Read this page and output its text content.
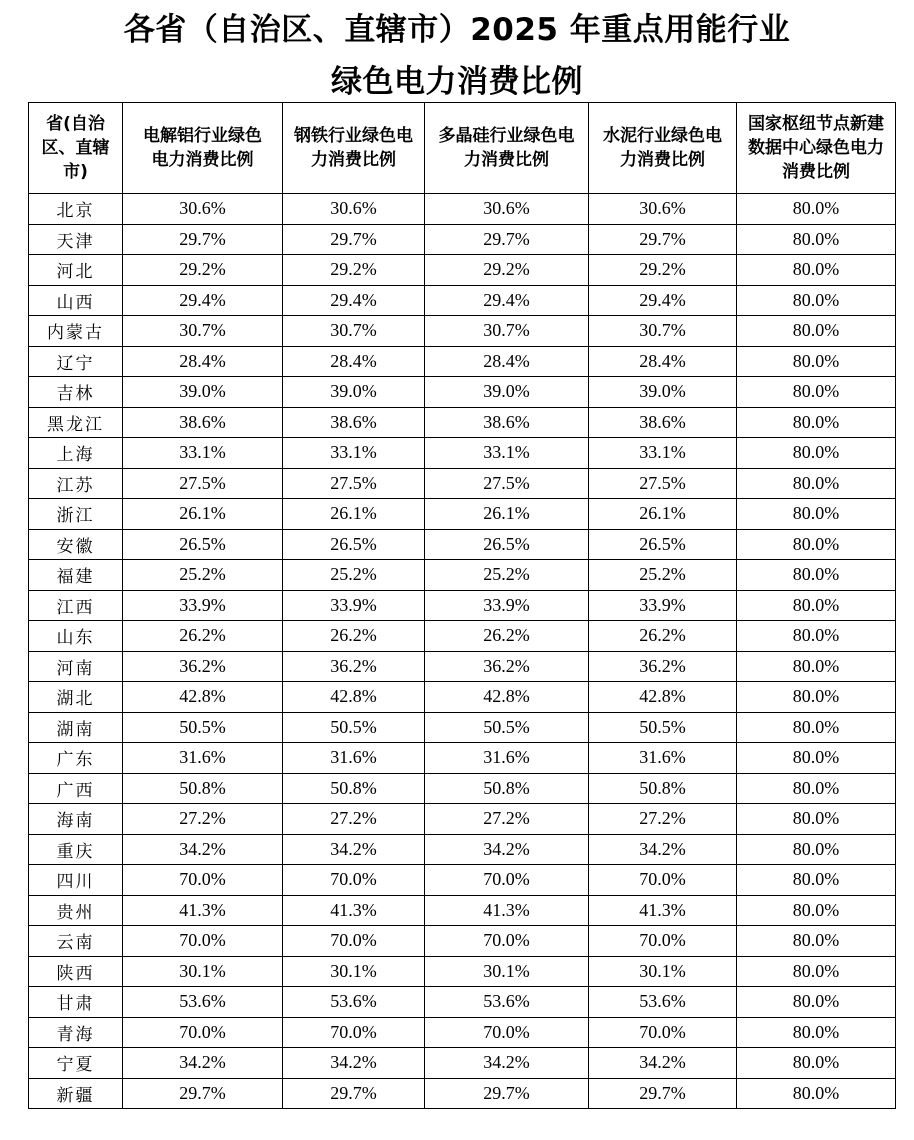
各省（自治区、直辖市）2025 年重点用能行业
绿色电力消费比例
省(自治区、直辖市)	电解铝行业绿色电力消费比例	钢铁行业绿色电力消费比例	多晶硅行业绿色电力消费比例	水泥行业绿色电力消费比例	国家枢纽节点新建数据中心绿色电力消费比例
北京	30.6%	30.6%	30.6%	30.6%	80.0%
天津	29.7%	29.7%	29.7%	29.7%	80.0%
河北	29.2%	29.2%	29.2%	29.2%	80.0%
山西	29.4%	29.4%	29.4%	29.4%	80.0%
内蒙古	30.7%	30.7%	30.7%	30.7%	80.0%
辽宁	28.4%	28.4%	28.4%	28.4%	80.0%
吉林	39.0%	39.0%	39.0%	39.0%	80.0%
黑龙江	38.6%	38.6%	38.6%	38.6%	80.0%
上海	33.1%	33.1%	33.1%	33.1%	80.0%
江苏	27.5%	27.5%	27.5%	27.5%	80.0%
浙江	26.1%	26.1%	26.1%	26.1%	80.0%
安徽	26.5%	26.5%	26.5%	26.5%	80.0%
福建	25.2%	25.2%	25.2%	25.2%	80.0%
江西	33.9%	33.9%	33.9%	33.9%	80.0%
山东	26.2%	26.2%	26.2%	26.2%	80.0%
河南	36.2%	36.2%	36.2%	36.2%	80.0%
湖北	42.8%	42.8%	42.8%	42.8%	80.0%
湖南	50.5%	50.5%	50.5%	50.5%	80.0%
广东	31.6%	31.6%	31.6%	31.6%	80.0%
广西	50.8%	50.8%	50.8%	50.8%	80.0%
海南	27.2%	27.2%	27.2%	27.2%	80.0%
重庆	34.2%	34.2%	34.2%	34.2%	80.0%
四川	70.0%	70.0%	70.0%	70.0%	80.0%
贵州	41.3%	41.3%	41.3%	41.3%	80.0%
云南	70.0%	70.0%	70.0%	70.0%	80.0%
陕西	30.1%	30.1%	30.1%	30.1%	80.0%
甘肃	53.6%	53.6%	53.6%	53.6%	80.0%
青海	70.0%	70.0%	70.0%	70.0%	80.0%
宁夏	34.2%	34.2%	34.2%	34.2%	80.0%
新疆	29.7%	29.7%	29.7%	29.7%	80.0%
